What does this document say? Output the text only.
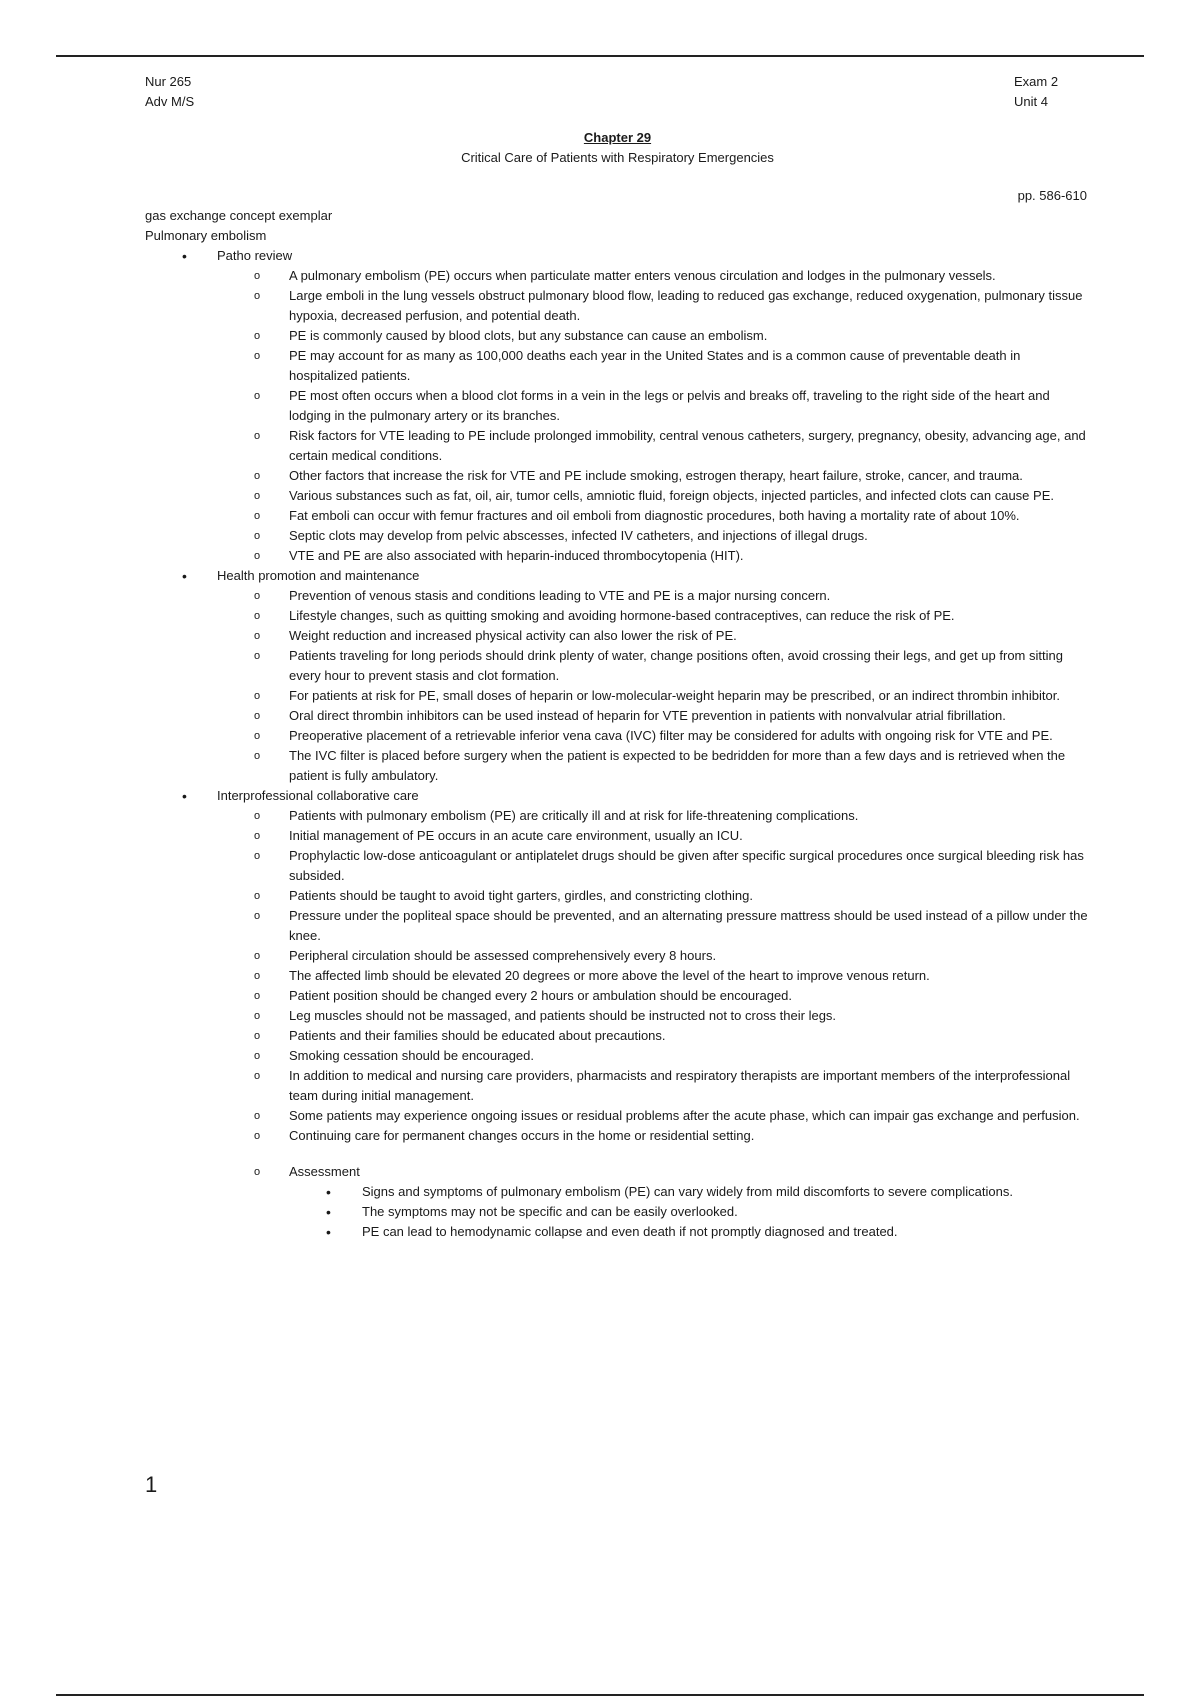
Nur 265
Adv M/S
Exam 2
Unit 4
Chapter 29
Critical Care of Patients with Respiratory Emergencies
pp. 586-610
gas exchange concept exemplar
Pulmonary embolism
• Patho review
o A pulmonary embolism (PE) occurs when particulate matter enters venous circulation and lodges in the pulmonary vessels.
o Large emboli in the lung vessels obstruct pulmonary blood flow, leading to reduced gas exchange, reduced oxygenation, pulmonary tissue hypoxia, decreased perfusion, and potential death.
o PE is commonly caused by blood clots, but any substance can cause an embolism.
o PE may account for as many as 100,000 deaths each year in the United States and is a common cause of preventable death in hospitalized patients.
o PE most often occurs when a blood clot forms in a vein in the legs or pelvis and breaks off, traveling to the right side of the heart and lodging in the pulmonary artery or its branches.
o Risk factors for VTE leading to PE include prolonged immobility, central venous catheters, surgery, pregnancy, obesity, advancing age, and certain medical conditions.
o Other factors that increase the risk for VTE and PE include smoking, estrogen therapy, heart failure, stroke, cancer, and trauma.
o Various substances such as fat, oil, air, tumor cells, amniotic fluid, foreign objects, injected particles, and infected clots can cause PE.
o Fat emboli can occur with femur fractures and oil emboli from diagnostic procedures, both having a mortality rate of about 10%.
o Septic clots may develop from pelvic abscesses, infected IV catheters, and injections of illegal drugs.
o VTE and PE are also associated with heparin-induced thrombocytopenia (HIT).
• Health promotion and maintenance
o Prevention of venous stasis and conditions leading to VTE and PE is a major nursing concern.
o Lifestyle changes, such as quitting smoking and avoiding hormone-based contraceptives, can reduce the risk of PE.
o Weight reduction and increased physical activity can also lower the risk of PE.
o Patients traveling for long periods should drink plenty of water, change positions often, avoid crossing their legs, and get up from sitting every hour to prevent stasis and clot formation.
o For patients at risk for PE, small doses of heparin or low-molecular-weight heparin may be prescribed, or an indirect thrombin inhibitor.
o Oral direct thrombin inhibitors can be used instead of heparin for VTE prevention in patients with nonvalvular atrial fibrillation.
o Preoperative placement of a retrievable inferior vena cava (IVC) filter may be considered for adults with ongoing risk for VTE and PE.
o The IVC filter is placed before surgery when the patient is expected to be bedridden for more than a few days and is retrieved when the patient is fully ambulatory.
• Interprofessional collaborative care
o Patients with pulmonary embolism (PE) are critically ill and at risk for life-threatening complications.
o Initial management of PE occurs in an acute care environment, usually an ICU.
o Prophylactic low-dose anticoagulant or antiplatelet drugs should be given after specific surgical procedures once surgical bleeding risk has subsided.
o Patients should be taught to avoid tight garters, girdles, and constricting clothing.
o Pressure under the popliteal space should be prevented, and an alternating pressure mattress should be used instead of a pillow under the knee.
o Peripheral circulation should be assessed comprehensively every 8 hours.
o The affected limb should be elevated 20 degrees or more above the level of the heart to improve venous return.
o Patient position should be changed every 2 hours or ambulation should be encouraged.
o Leg muscles should not be massaged, and patients should be instructed not to cross their legs.
o Patients and their families should be educated about precautions.
o Smoking cessation should be encouraged.
o In addition to medical and nursing care providers, pharmacists and respiratory therapists are important members of the interprofessional team during initial management.
o Some patients may experience ongoing issues or residual problems after the acute phase, which can impair gas exchange and perfusion.
o Continuing care for permanent changes occurs in the home or residential setting.
o Assessment
• Signs and symptoms of pulmonary embolism (PE) can vary widely from mild discomforts to severe complications.
• The symptoms may not be specific and can be easily overlooked.
• PE can lead to hemodynamic collapse and even death if not promptly diagnosed and treated.
1
